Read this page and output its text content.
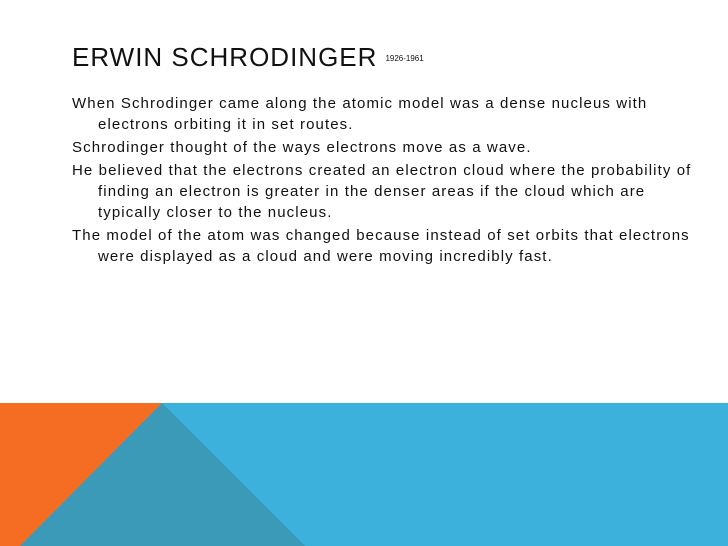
ERWIN SCHRODINGER 1926-1961

When Schrodinger came along the atomic model was a dense nucleus with electrons orbiting it in set routes.

Schrodinger thought of the ways electrons move as a wave.

He believed that the electrons created an electron cloud where the probability of finding an electron is greater in the denser areas if the cloud which are typically closer to the nucleus.

The model of the atom was changed because instead of set orbits that electrons were displayed as a cloud and were moving incredibly fast.
